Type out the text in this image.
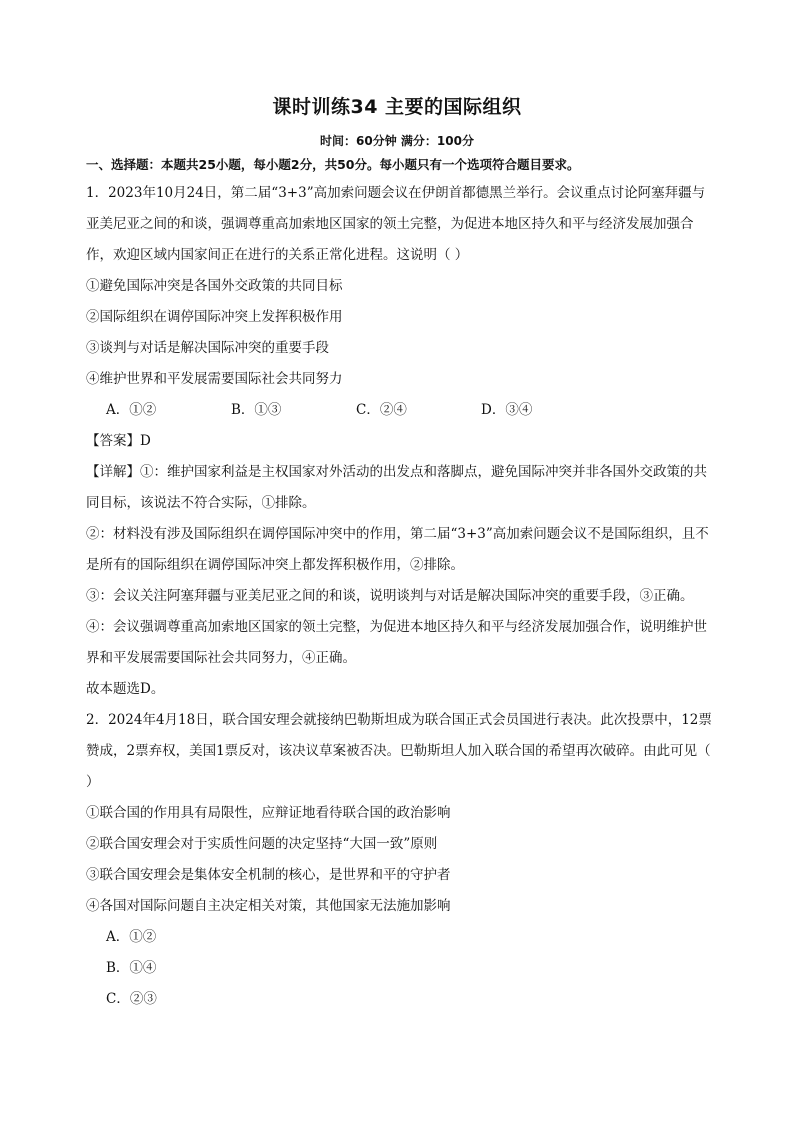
课时训练34 主要的国际组织
时间：60分钟 满分：100分
一、选择题：本题共25小题，每小题2分，共50分。每小题只有一个选项符合题目要求。

1．2023年10月24日，第二届“3+3”高加索问题会议在伊朗首都德黑兰举行。会议重点讨论阿塞拜疆与亚美尼亚之间的和谈，强调尊重高加索地区国家的领土完整，为促进本地区持久和平与经济发展加强合作，欢迎区域内国家间正在进行的关系正常化进程。这说明（ ）

①避免国际冲突是各国外交政策的共同目标

②国际组织在调停国际冲突上发挥积极作用

③谈判与对话是解决国际冲突的重要手段

④维护世界和平发展需要国际社会共同努力

A．①②	B．①③	C．②④	D．③④

【答案】D

【详解】①：维护国家利益是主权国家对外活动的出发点和落脚点，避免国际冲突并非各国外交政策的共同目标，该说法不符合实际，①排除。

②：材料没有涉及国际组织在调停国际冲突中的作用，第二届“3+3”高加索问题会议不是国际组织，且不是所有的国际组织在调停国际冲突上都发挥积极作用，②排除。

③：会议关注阿塞拜疆与亚美尼亚之间的和谈，说明谈判与对话是解决国际冲突的重要手段，③正确。

④：会议强调尊重高加索地区国家的领土完整，为促进本地区持久和平与经济发展加强合作，说明维护世界和平发展需要国际社会共同努力，④正确。

故本题选D。

2．2024年4月18日，联合国安理会就接纳巴勒斯坦成为联合国正式会员国进行表决。此次投票中，12票赞成，2票弃权，美国1票反对，该决议草案被否决。巴勒斯坦人加入联合国的希望再次破碎。由此可见（ ）

①联合国的作用具有局限性，应辩证地看待联合国的政治影响

②联合国安理会对于实质性问题的决定坚持“大国一致”原则

③联合国安理会是集体安全机制的核心，是世界和平的守护者

④各国对国际问题自主决定相关对策，其他国家无法施加影响

A．①②

B．①④

C．②③
